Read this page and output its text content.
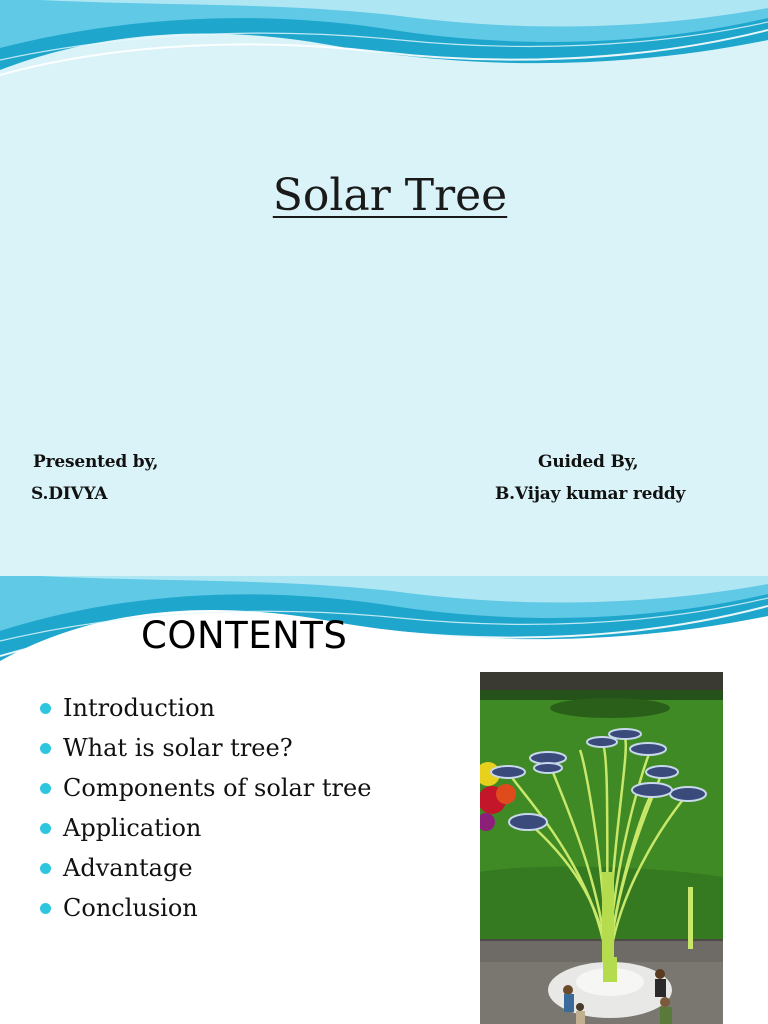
Solar Tree
Presented by,
S.DIVYA
Guided By,
B.Vijay kumar reddy
CONTENTS
Introduction
What is solar tree?
Components of solar tree
Application
Advantage
Conclusion
